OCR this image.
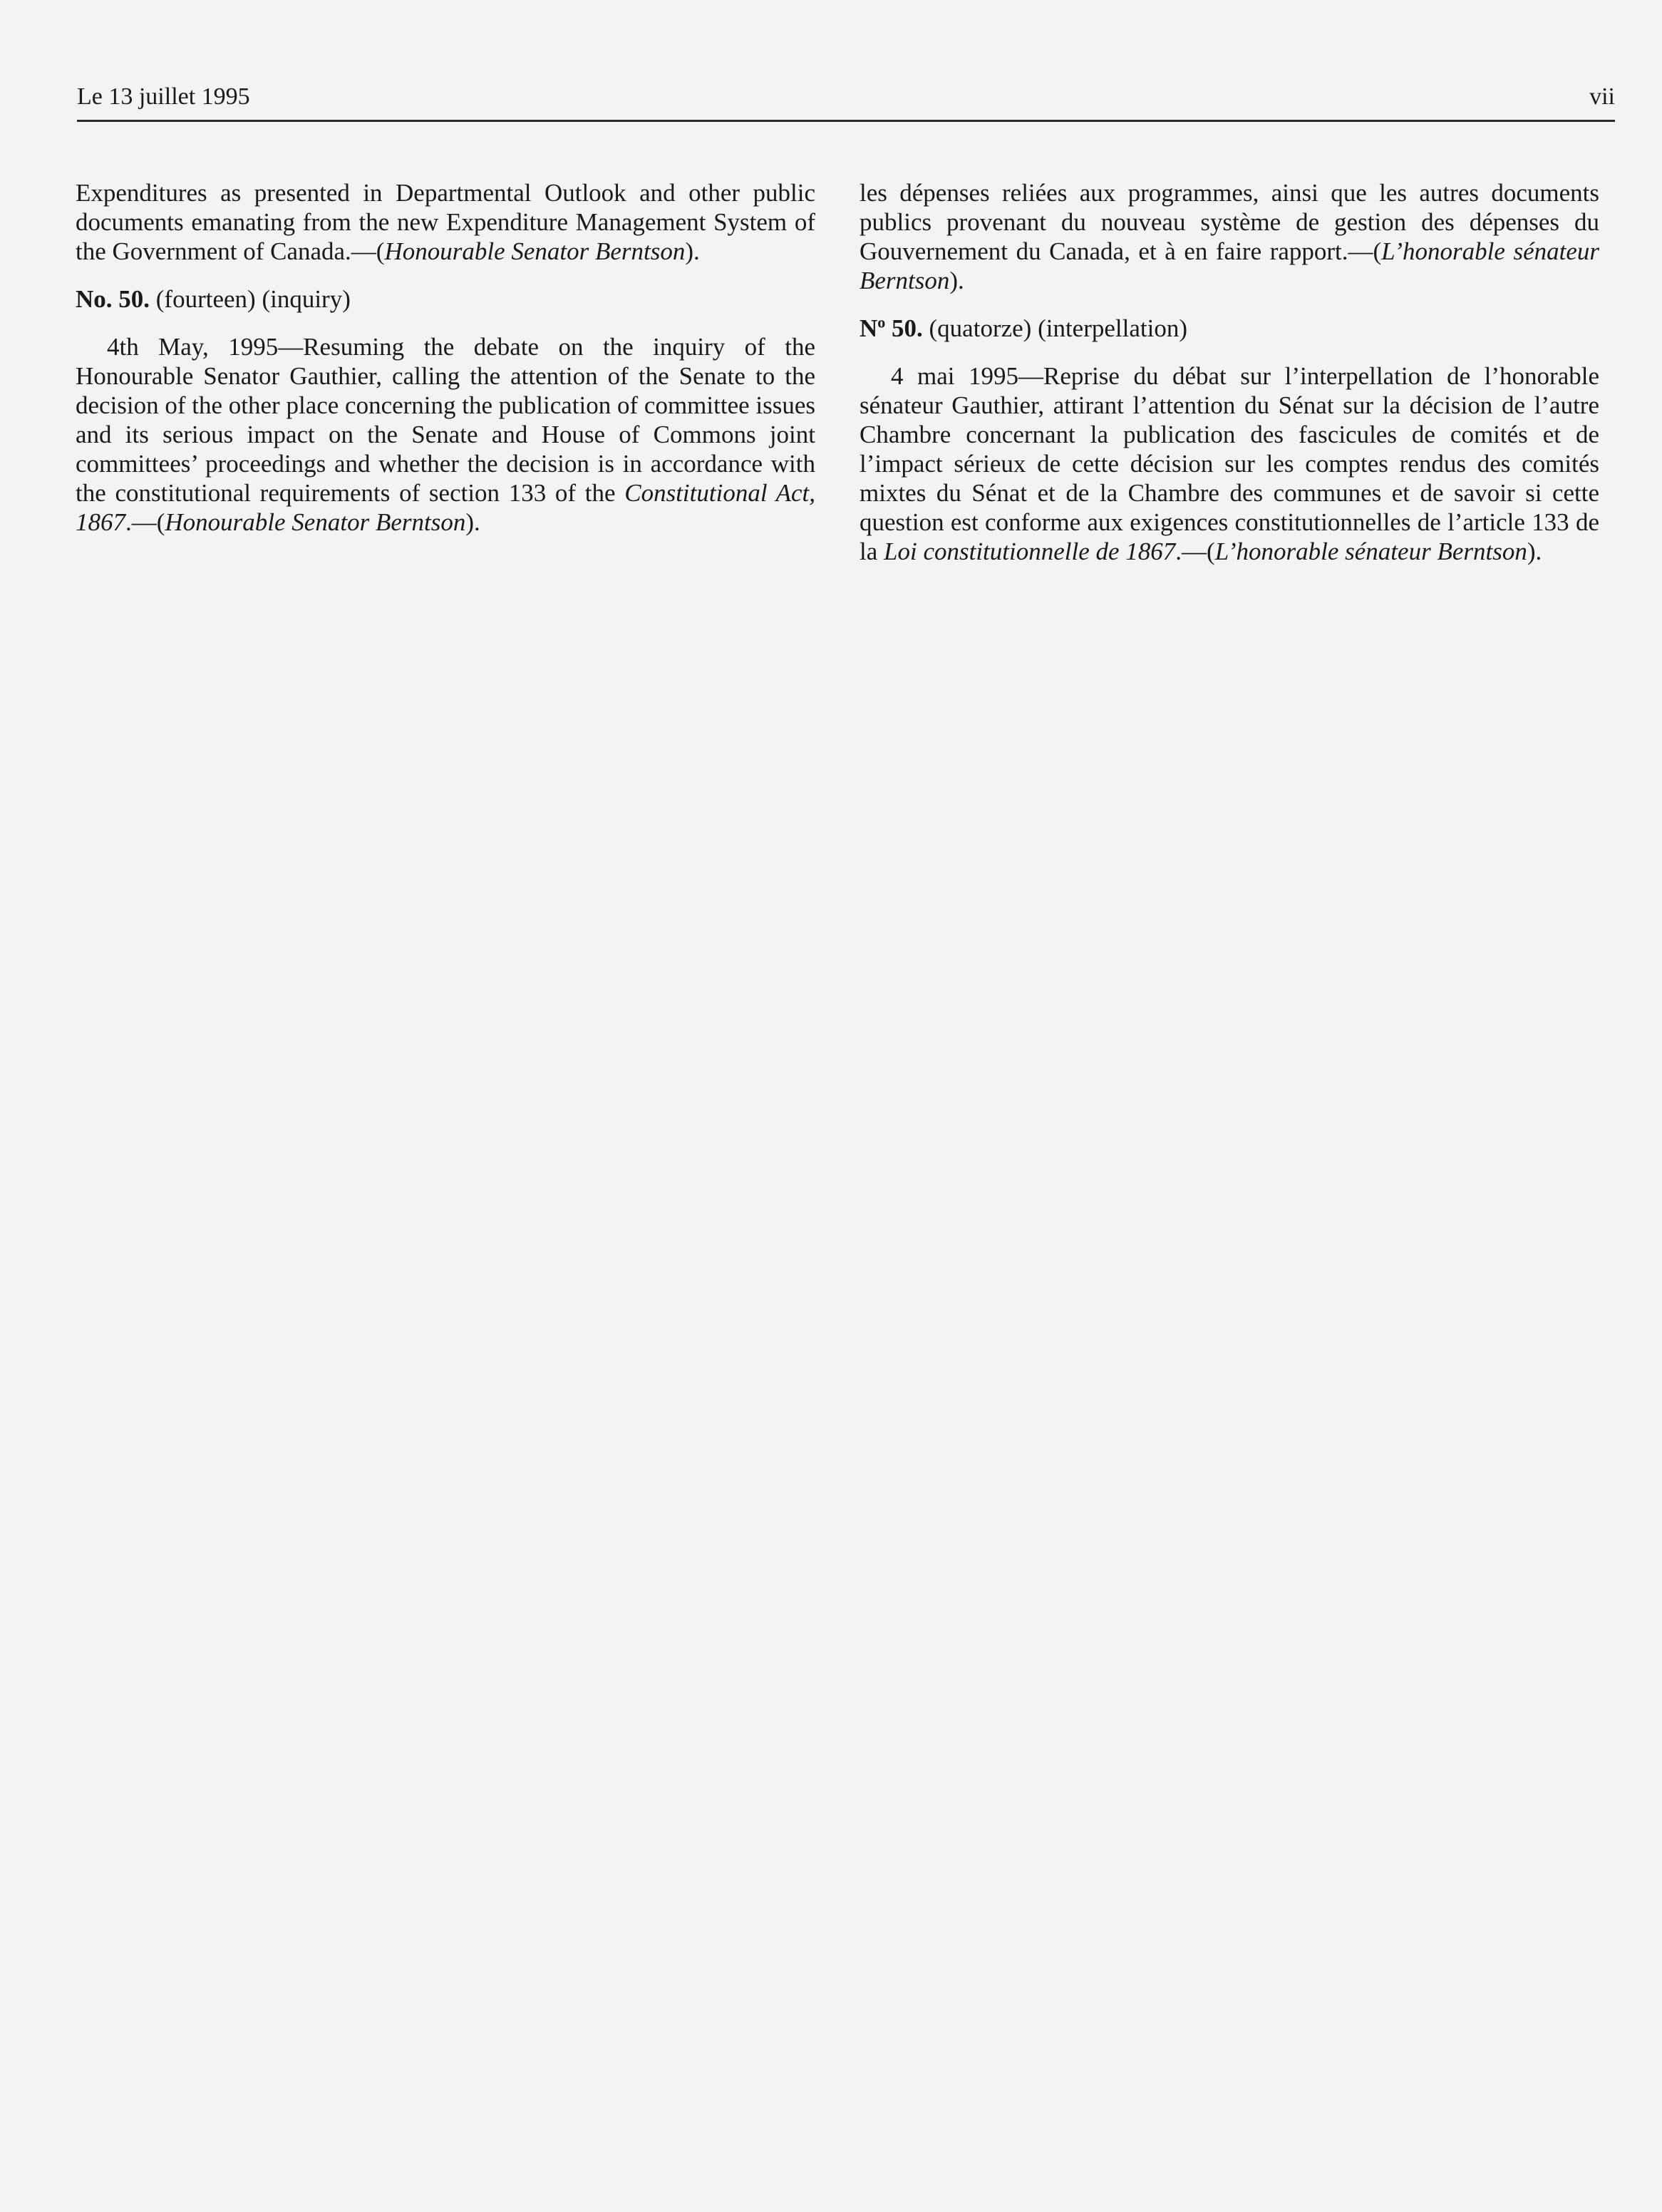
Le 13 juillet 1995	vii

Expenditures as presented in Departmental Outlook and other public documents emanating from the new Expenditure Management System of the Government of Canada.—(Honourable Senator Berntson).

No. 50. (fourteen) (inquiry)

4th May, 1995—Resuming the debate on the inquiry of the Honourable Senator Gauthier, calling the attention of the Senate to the decision of the other place concerning the publication of committee issues and its serious impact on the Senate and House of Commons joint committees’ proceedings and whether the decision is in accordance with the constitutional requirements of section 133 of the Constitutional Act, 1867.—(Honourable Senator Berntson).

les dépenses reliées aux programmes, ainsi que les autres documents publics provenant du nouveau système de gestion des dépenses du Gouvernement du Canada, et à en faire rapport.—(L’honorable sénateur Berntson).

$N^o$ 50. (quatorze) (interpellation)

4 mai 1995—Reprise du débat sur l’interpellation de l’honorable sénateur Gauthier, attirant l’attention du Sénat sur la décision de l’autre Chambre concernant la publication des fascicules de comités et de l’impact sérieux de cette décision sur les comptes rendus des comités mixtes du Sénat et de la Chambre des communes et de savoir si cette question est conforme aux exigences constitutionnelles de l’article 133 de la Loi constitutionnelle de 1867.—(L’honorable sénateur Berntson).
